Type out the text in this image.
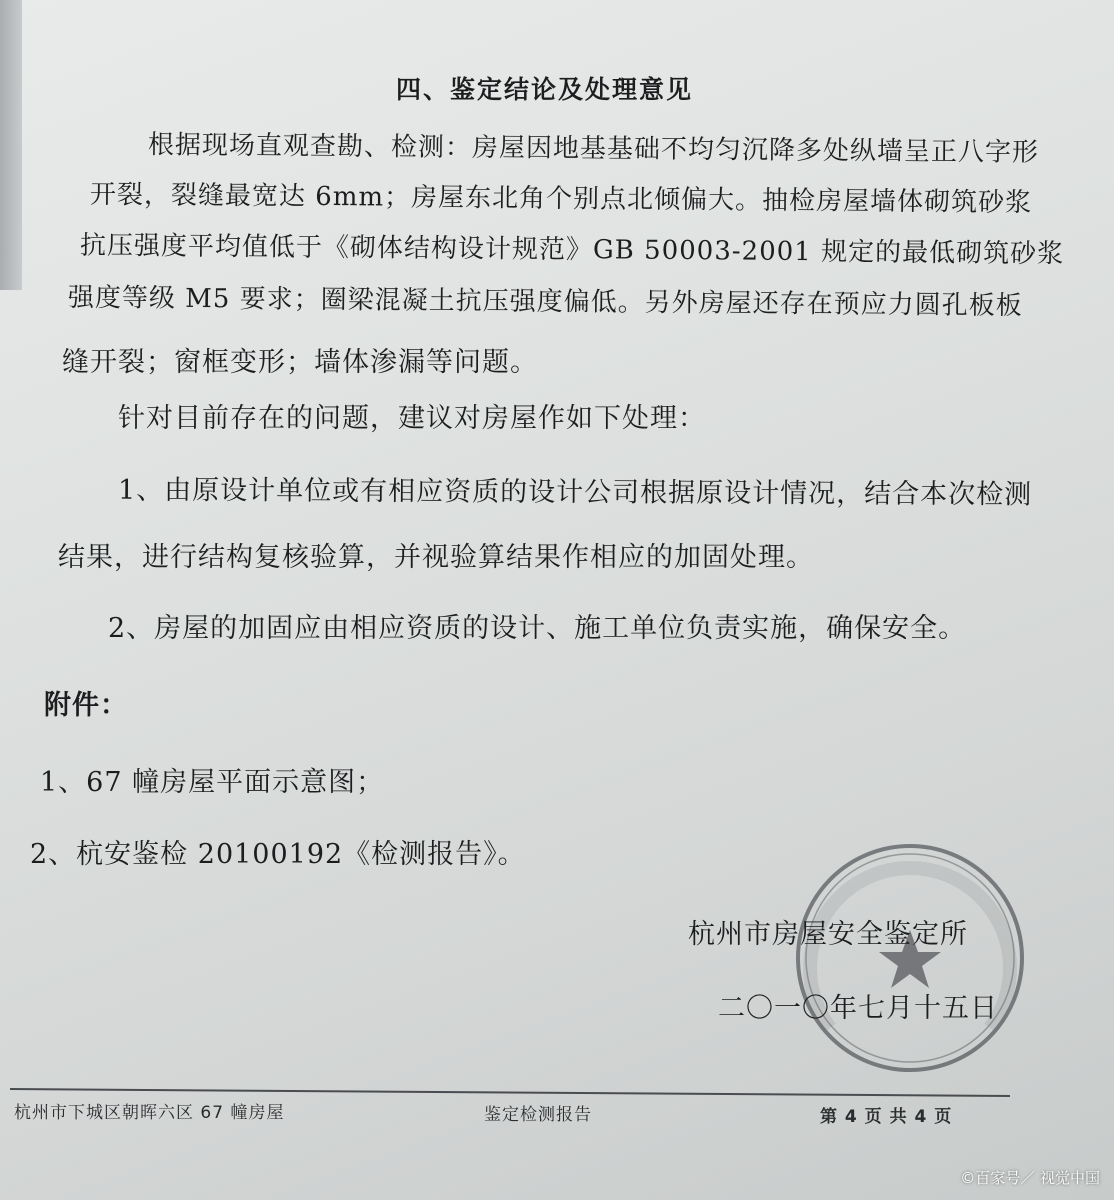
四、鉴定结论及处理意见
根据现场直观查勘、检测：房屋因地基基础不均匀沉降多处纵墙呈正八字形
开裂，裂缝最宽达 6mm；房屋东北角个别点北倾偏大。抽检房屋墙体砌筑砂浆
抗压强度平均值低于《砌体结构设计规范》GB 50003-2001 规定的最低砌筑砂浆
强度等级 M5 要求；圈梁混凝土抗压强度偏低。另外房屋还存在预应力圆孔板板
缝开裂；窗框变形；墙体渗漏等问题。
针对目前存在的问题，建议对房屋作如下处理：
1、由原设计单位或有相应资质的设计公司根据原设计情况，结合本次检测
结果，进行结构复核验算，并视验算结果作相应的加固处理。
2、房屋的加固应由相应资质的设计、施工单位负责实施，确保安全。
附件：
1、67 幢房屋平面示意图；
2、杭安鉴检 20100192《检测报告》。
杭州市房屋安全鉴定所
二〇一〇年七月十五日
杭州市下城区朝晖六区 67 幢房屋	鉴定检测报告	第 4 页 共 4 页
©百家号／ 视觉中国
